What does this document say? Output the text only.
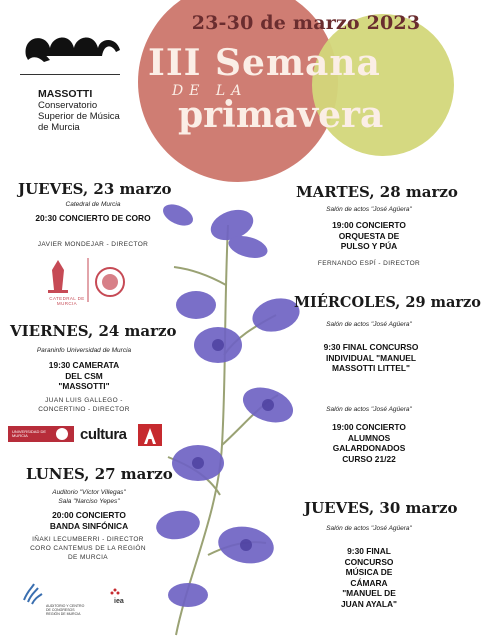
23-30 de marzo 2023
III Semana
DE LA
primavera
MASSOTTI
Conservatorio
Superior de Música
de Murcia
JUEVES, 23 marzo
Catedral de Murcia
20:30 CONCIERTO DE CORO
JAVIER MONDEJAR - DIRECTOR
CATEDRAL DE MURCIA
VIERNES, 24 marzo
Paraninfo Universidad de Murcia
19:30 CAMERATA
DEL CSM
"MASSOTTI"
JUAN LUIS GALLEGO -
CONCERTINO - DIRECTOR
UNIVERSIDAD DE MURCIA	cultura
LUNES, 27 marzo
Auditorio "Víctor Villegas"
Sala "Narciso Yepes"
20:00 CONCIERTO
BANDA SINFÓNICA
IÑAKI LECUMBERRI - DIRECTOR
CORO CANTEMUS DE LA REGIÓN
DE MURCIA
AUDITORIO Y CENTRO DE CONGRESOS REGIÓN DE MURCIA
iea
MARTES, 28 marzo
Salón de actos "José Agüera"
19:00 CONCIERTO
ORQUESTA DE
PULSO Y PÚA
FERNANDO ESPÍ - DIRECTOR
MIÉRCOLES, 29 marzo
Salón de actos "José Agüera"
9:30 FINAL CONCURSO
INDIVIDUAL "MANUEL
MASSOTTI LITTEL"
Salón de actos "José Agüera"
19:00 CONCIERTO
ALUMNOS
GALARDONADOS
CURSO 21/22
JUEVES, 30 marzo
Salón de actos "José Agüera"
9:30 FINAL
CONCURSO
MÚSICA DE
CÁMARA
"MANUEL DE
JUAN AYALA"
